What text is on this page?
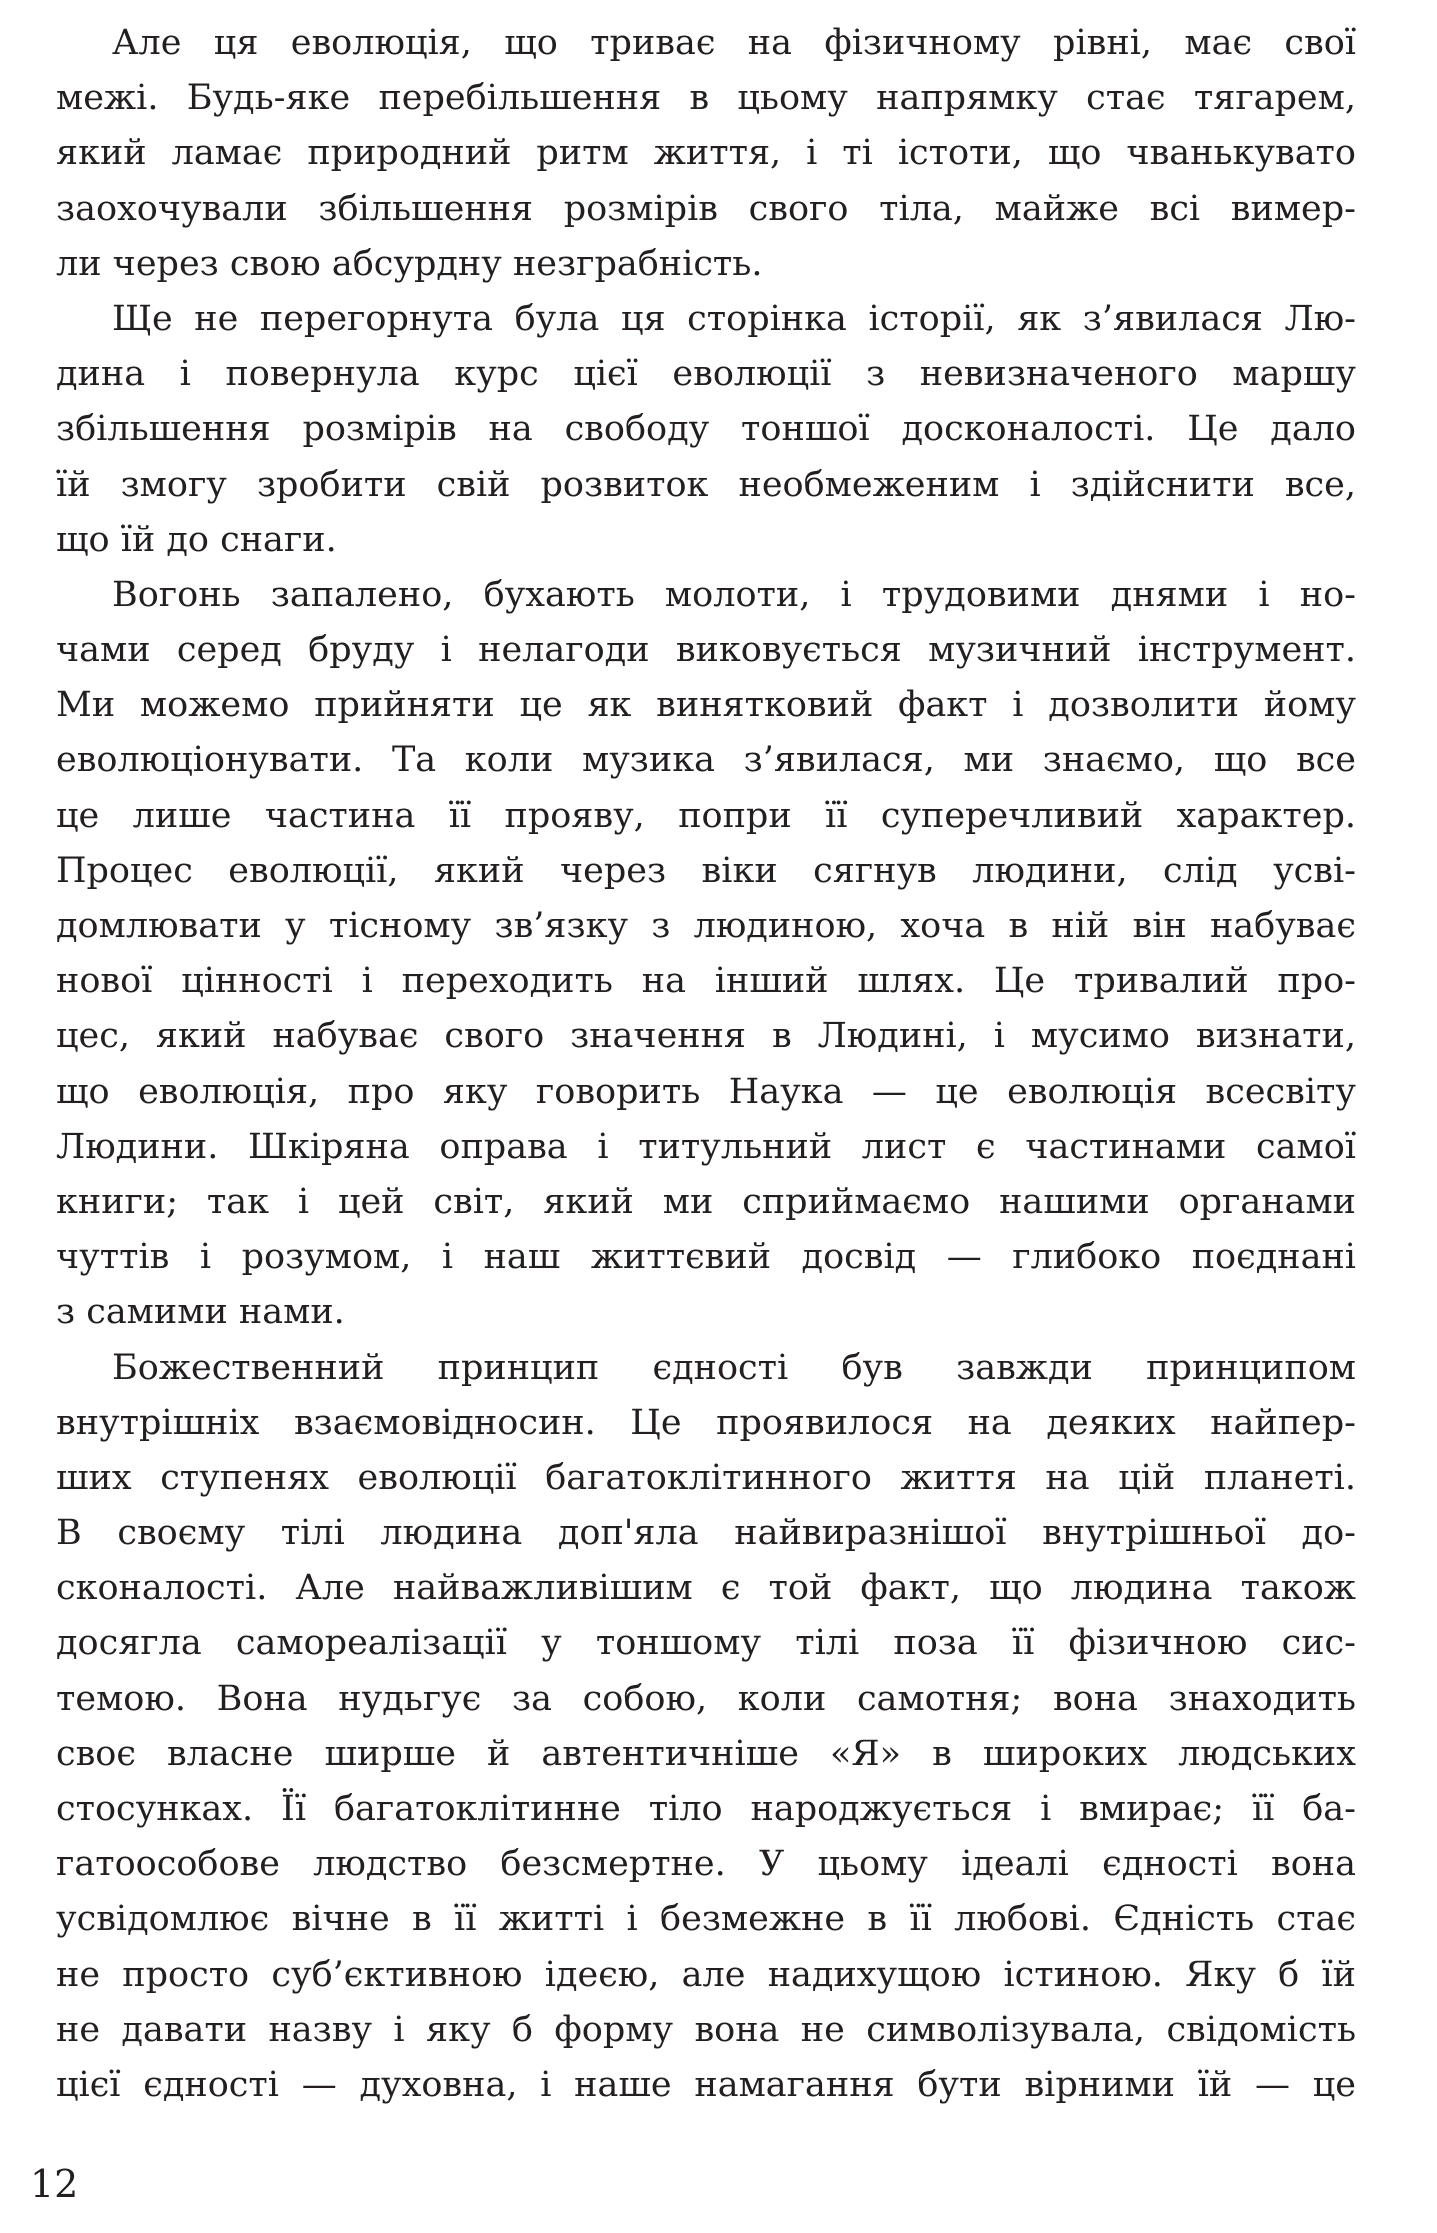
Але ця еволюція, що триває на фізичному рівні, має свої
межі. Будь-яке перебільшення в цьому напрямку стає тягарем,
який ламає природний ритм життя, і ті істоти, що чванькувато
заохочували збільшення розмірів свого тіла, майже всі вимер-
ли через свою абсурдну незграбність.
Ще не перегорнута була ця сторінка історії, як з’явилася Лю-
дина і повернула курс цієї еволюції з невизначеного маршу
збільшення розмірів на свободу тоншої досконалості. Це дало
їй змогу зробити свій розвиток необмеженим і здійснити все,
що їй до снаги.
Вогонь запалено, бухають молоти, і трудовими днями і но-
чами серед бруду і нелагоди виковується музичний інструмент.
Ми можемо прийняти це як винятковий факт і дозволити йому
еволюціонувати. Та коли музика з’явилася, ми знаємо, що все
це лише частина її прояву, попри її суперечливий характер.
Процес еволюції, який через віки сягнув людини, слід усві-
домлювати у тісному зв’язку з людиною, хоча в ній він набуває
нової цінності і переходить на інший шлях. Це тривалий про-
цес, який набуває свого значення в Людині, і мусимо визнати,
що еволюція, про яку говорить Наука — це еволюція всесвіту
Людини. Шкіряна оправа і титульний лист є частинами самої
книги; так і цей світ, який ми сприймаємо нашими органами
чуттів і розумом, і наш життєвий досвід — глибоко поєднані
з самими нами.
Божественний принцип єдності був завжди принципом
внутрішніх взаємовідносин. Це проявилося на деяких найпер-
ших ступенях еволюції багатоклітинного життя на цій планеті.
В своєму тілі людина доп'яла найвиразнішої внутрішньої до-
сконалості. Але найважливішим є той факт, що людина також
досягла самореалізації у тоншому тілі поза її фізичною сис-
темою. Вона нудьгує за собою, коли самотня; вона знаходить
своє власне ширше й автентичніше «Я» в широких людських
стосунках. Її багатоклітинне тіло народжується і вмирає; її ба-
гатоособове людство безсмертне. У цьому ідеалі єдності вона
усвідомлює вічне в її житті і безмежне в її любові. Єдність стає
не просто суб’єктивною ідеєю, але надихущою істиною. Яку б їй
не давати назву і яку б форму вона не символізувала, свідомість
цієї єдності — духовна, і наше намагання бути вірними їй — це
12
